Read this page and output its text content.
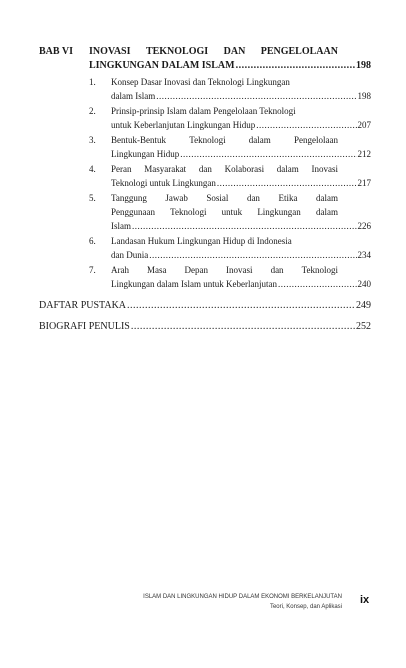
BAB VI INOVASI TEKNOLOGI DAN PENGELOLAAN
LINGKUNGAN DALAM ISLAM .....	198
1. Konsep Dasar Inovasi dan Teknologi Lingkungan
dalam Islam .....	198
2. Prinsip-prinsip Islam dalam Pengelolaan Teknologi
untuk Keberlanjutan Lingkungan Hidup .....	207
3. Bentuk-Bentuk	Teknologi	dalam	Pengelolaan
Lingkungan Hidup .....	212
4. Peran Masyarakat dan Kolaborasi dalam Inovasi
Teknologi untuk Lingkungan .....	217
5. Tanggung Jawab Sosial dan Etika dalam
Penggunaan Teknologi untuk Lingkungan dalam
Islam .....	226
6. Landasan Hukum Lingkungan Hidup di Indonesia
dan Dunia .....	234
7. Arah Masa Depan Inovasi dan Teknologi
Lingkungan dalam Islam untuk Keberlanjutan .....	240
DAFTAR PUSTAKA .....	249
BIOGRAFI PENULIS .....	252
ISLAM DAN LINGKUNGAN HIDUP DALAM EKONOMI BERKELANJUTAN
Teori, Konsep, dan Aplikasi
ix
